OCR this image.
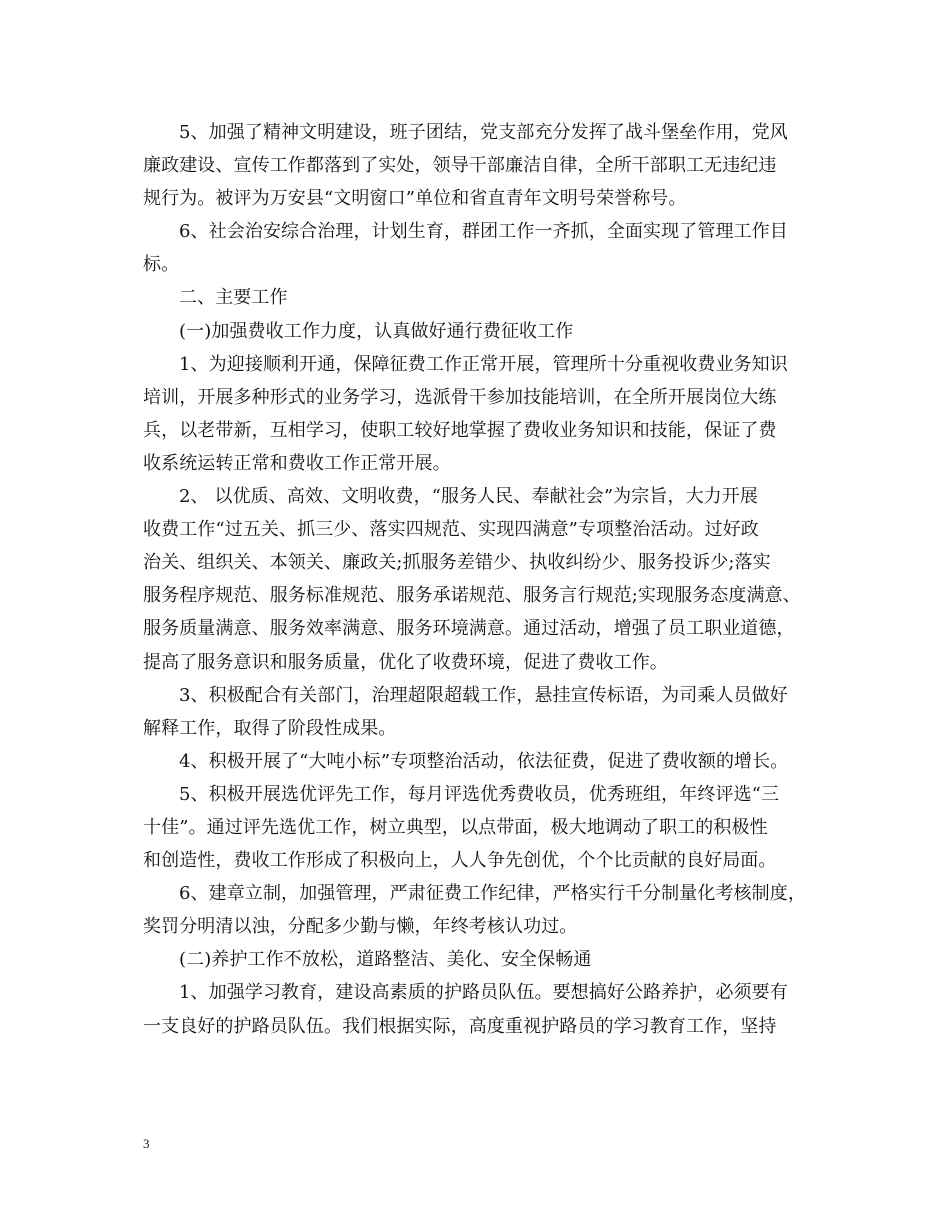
5、加强了精神文明建设，班子团结，党支部充分发挥了战斗堡垒作用，党风
廉政建设、宣传工作都落到了实处，领导干部廉洁自律，全所干部职工无违纪违
规行为。被评为万安县“文明窗口”单位和省直青年文明号荣誉称号。
6、社会治安综合治理，计划生育，群团工作一齐抓，全面实现了管理工作目
标。
二、主要工作
(一)加强费收工作力度，认真做好通行费征收工作
1、为迎接顺利开通，保障征费工作正常开展，管理所十分重视收费业务知识
培训，开展多种形式的业务学习，选派骨干参加技能培训，在全所开展岗位大练
兵，以老带新，互相学习，使职工较好地掌握了费收业务知识和技能，保证了费
收系统运转正常和费收工作正常开展。
2、 以优质、高效、文明收费，“服务人民、奉献社会”为宗旨，大力开展
收费工作“过五关、抓三少、落实四规范、实现四满意”专项整治活动。过好政
治关、组织关、本领关、廉政关;抓服务差错少、执收纠纷少、服务投诉少;落实
服务程序规范、服务标准规范、服务承诺规范、服务言行规范;实现服务态度满意、
服务质量满意、服务效率满意、服务环境满意。通过活动，增强了员工职业道德，
提高了服务意识和服务质量，优化了收费环境，促进了费收工作。
3、积极配合有关部门，治理超限超载工作，悬挂宣传标语，为司乘人员做好
解释工作，取得了阶段性成果。
4、积极开展了“大吨小标”专项整治活动，依法征费，促进了费收额的增长。
5、积极开展选优评先工作，每月评选优秀费收员，优秀班组，年终评选“三
十佳”。通过评先选优工作，树立典型，以点带面，极大地调动了职工的积极性
和创造性，费收工作形成了积极向上，人人争先创优，个个比贡献的良好局面。
6、建章立制，加强管理，严肃征费工作纪律，严格实行千分制量化考核制度，
奖罚分明清以浊，分配多少勤与懒，年终考核认功过。
(二)养护工作不放松，道路整洁、美化、安全保畅通
1、加强学习教育，建设高素质的护路员队伍。要想搞好公路养护，必须要有
一支良好的护路员队伍。我们根据实际，高度重视护路员的学习教育工作，坚持
3
